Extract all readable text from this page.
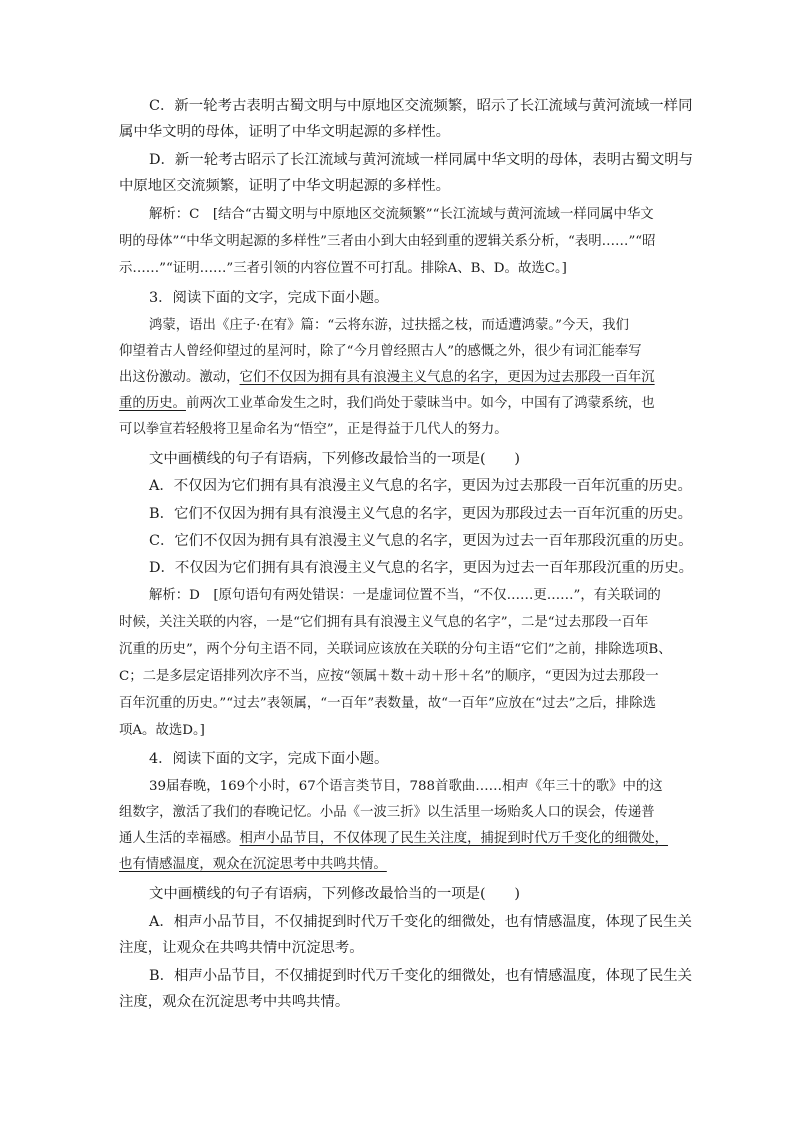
C．新一轮考古表明古蜀文明与中原地区交流频繁，昭示了长江流域与黄河流域一样同
属中华文明的母体，证明了中华文明起源的多样性。
D．新一轮考古昭示了长江流域与黄河流域一样同属中华文明的母体，表明古蜀文明与
中原地区交流频繁，证明了中华文明起源的多样性。
解析：C　 [结合“古蜀文明与中原地区交流频繁”“长江流域与黄河流域一样同属中华文
明的母体”“中华文明起源的多样性”三者由小到大由轻到重的逻辑关系分析，“表明……”“昭
示……”“证明……”三者引领的内容位置不可打乱。排除A、B、D。故选C。]
3．阅读下面的文字，完成下面小题。
鸿蒙，语出《庄子·在宥》篇：“云将东游，过扶摇之枝，而适遭鸿蒙。”今天，我们
仰望着古人曾经仰望过的星河时，除了“今月曾经照古人”的感慨之外，很少有词汇能奉写
出这份激动。激动，它们不仅因为拥有具有浪漫主义气息的名字，更因为过去那段一百年沉
重的历史。前两次工业革命发生之时，我们尚处于蒙昧当中。如今，中国有了鸿蒙系统，也
可以拳宣若轻般将卫星命名为“悟空”，正是得益于几代人的努力。
文中画横线的句子有语病，下列修改最恰当的一项是(　　)
A．不仅因为它们拥有具有浪漫主义气息的名字，更因为过去那段一百年沉重的历史。
B．它们不仅因为拥有具有浪漫主义气息的名字，更因为那段过去一百年沉重的历史。
C．它们不仅因为拥有具有浪漫主义气息的名字，更因为过去一百年那段沉重的历史。
D．不仅因为它们拥有具有浪漫主义气息的名字，更因为过去一百年那段沉重的历史。
解析：D　 [原句语句有两处错误：一是虚词位置不当，“不仅……更……”，有关联词的
时候，关注关联的内容，一是“它们拥有具有浪漫主义气息的名字”，二是“过去那段一百年
沉重的历史”，两个分句主语不同，关联词应该放在关联的分句主语“它们”之前，排除选项B、
C；二是多层定语排列次序不当，应按“领属＋数＋动＋形＋名”的顺序，“更因为过去那段一
百年沉重的历史。”“过去”表领属，“一百年”表数量，故“一百年”应放在“过去”之后，排除选
项A。故选D。]
4．阅读下面的文字，完成下面小题。
39届春晚，169个小时，67个语言类节目，788首歌曲……相声《年三十的歌》中的这
组数字，激活了我们的春晚记忆。小品《一波三折》以生活里一场贻炙人口的误会，传递普
通人生活的幸福感。相声小品节目，不仅体现了民生关注度，捕捉到时代万千变化的细微处，
也有情感温度，观众在沉淀思考中共鸣共情。
文中画横线的句子有语病，下列修改最恰当的一项是(　　)
A．相声小品节目，不仅捕捉到时代万千变化的细微处，也有情感温度，体现了民生关
注度，让观众在共鸣共情中沉淀思考。
B．相声小品节目，不仅捕捉到时代万千变化的细微处，也有情感温度，体现了民生关
注度，观众在沉淀思考中共鸣共情。
